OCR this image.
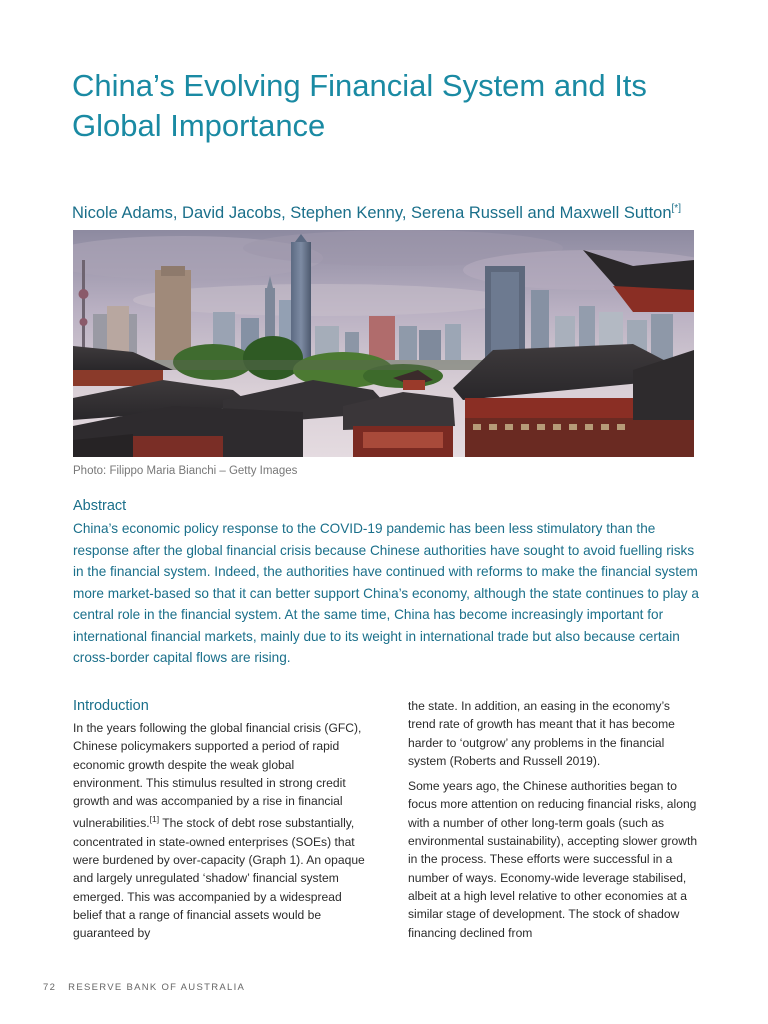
China’s Evolving Financial System and Its Global Importance
Nicole Adams, David Jacobs, Stephen Kenny, Serena Russell and Maxwell Sutton[*]
Photo: Filippo Maria Bianchi – Getty Images
Abstract

China’s economic policy response to the COVID-19 pandemic has been less stimulatory than the response after the global financial crisis because Chinese authorities have sought to avoid fuelling risks in the financial system. Indeed, the authorities have continued with reforms to make the financial system more market-based so that it can better support China’s economy, although the state continues to play a central role in the financial system. At the same time, China has become increasingly important for international financial markets, mainly due to its weight in international trade but also because certain cross-border capital flows are rising.

Introduction

In the years following the global financial crisis (GFC), Chinese policymakers supported a period of rapid economic growth despite the weak global environment. This stimulus resulted in strong credit growth and was accompanied by a rise in financial vulnerabilities.[1] The stock of debt rose substantially, concentrated in state-owned enterprises (SOEs) that were burdened by over-capacity (Graph 1). An opaque and largely unregulated ‘shadow’ financial system emerged. This was accompanied by a widespread belief that a range of financial assets would be guaranteed by

the state. In addition, an easing in the economy’s trend rate of growth has meant that it has become harder to ‘outgrow’ any problems in the financial system (Roberts and Russell 2019).

Some years ago, the Chinese authorities began to focus more attention on reducing financial risks, along with a number of other long-term goals (such as environmental sustainability), accepting slower growth in the process. These efforts were successful in a number of ways. Economy-wide leverage stabilised, albeit at a high level relative to other economies at a similar stage of development. The stock of shadow financing declined from

72 RESERVE BANK OF AUSTRALIA
